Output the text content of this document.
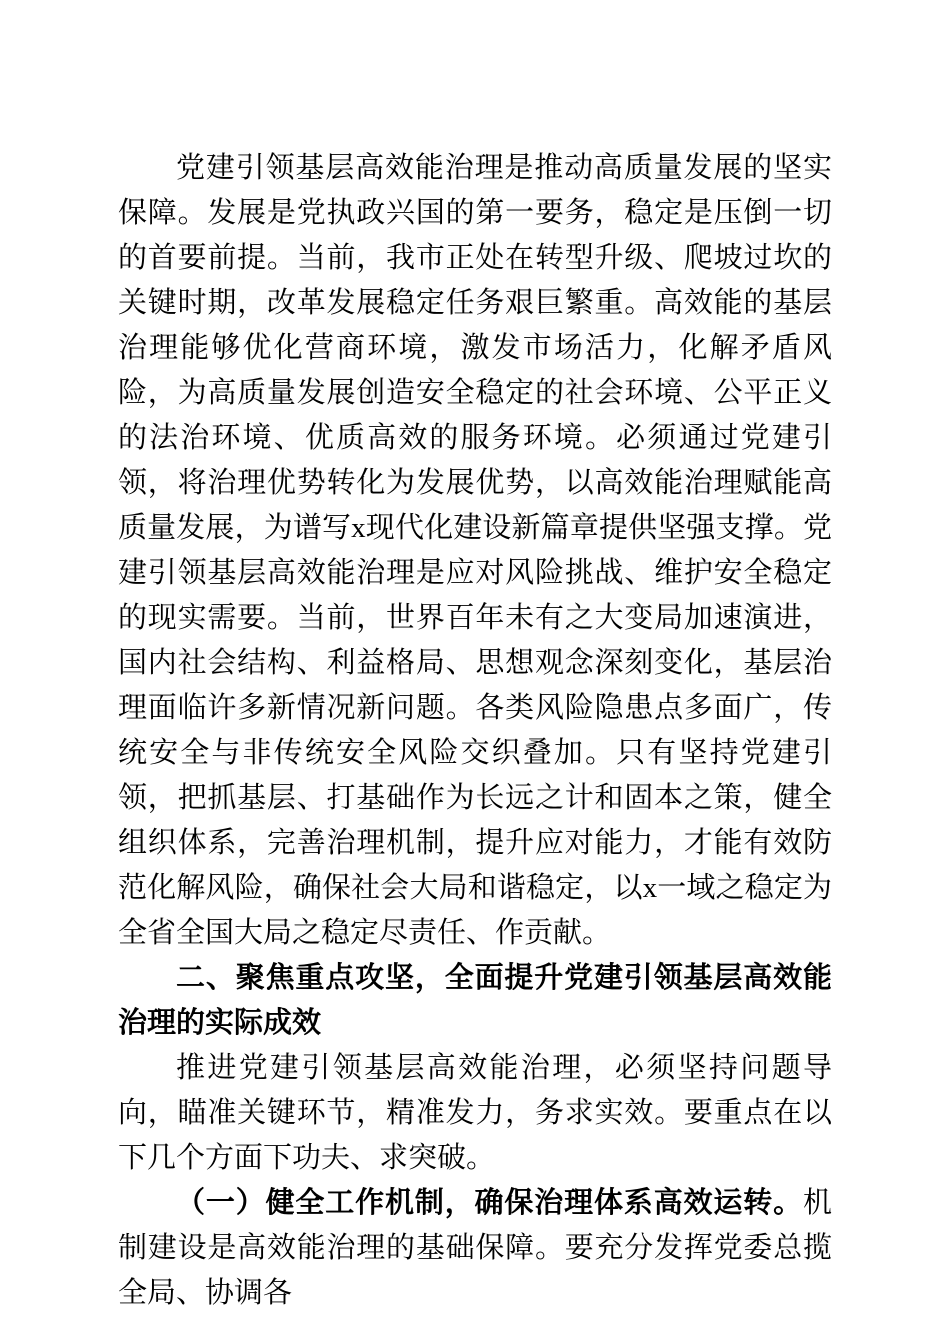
党建引领基层高效能治理是推动高质量发展的坚实保障。发展是党执政兴国的第一要务，稳定是压倒一切的首要前提。当前，我市正处在转型升级、爬坡过坎的关键时期，改革发展稳定任务艰巨繁重。高效能的基层治理能够优化营商环境，激发市场活力，化解矛盾风险，为高质量发展创造安全稳定的社会环境、公平正义的法治环境、优质高效的服务环境。必须通过党建引领，将治理优势转化为发展优势，以高效能治理赋能高质量发展，为谱写x现代化建设新篇章提供坚强支撑。党建引领基层高效能治理是应对风险挑战、维护安全稳定的现实需要。当前，世界百年未有之大变局加速演进，国内社会结构、利益格局、思想观念深刻变化，基层治理面临许多新情况新问题。各类风险隐患点多面广，传统安全与非传统安全风险交织叠加。只有坚持党建引领，把抓基层、打基础作为长远之计和固本之策，健全组织体系，完善治理机制，提升应对能力，才能有效防范化解风险，确保社会大局和谐稳定，以x一域之稳定为全省全国大局之稳定尽责任、作贡献。

二、聚焦重点攻坚，全面提升党建引领基层高效能治理的实际成效

推进党建引领基层高效能治理，必须坚持问题导向，瞄准关键环节，精准发力，务求实效。要重点在以下几个方面下功夫、求突破。

（一）健全工作机制，确保治理体系高效运转。机制建设是高效能治理的基础保障。要充分发挥党委总揽全局、协调各
